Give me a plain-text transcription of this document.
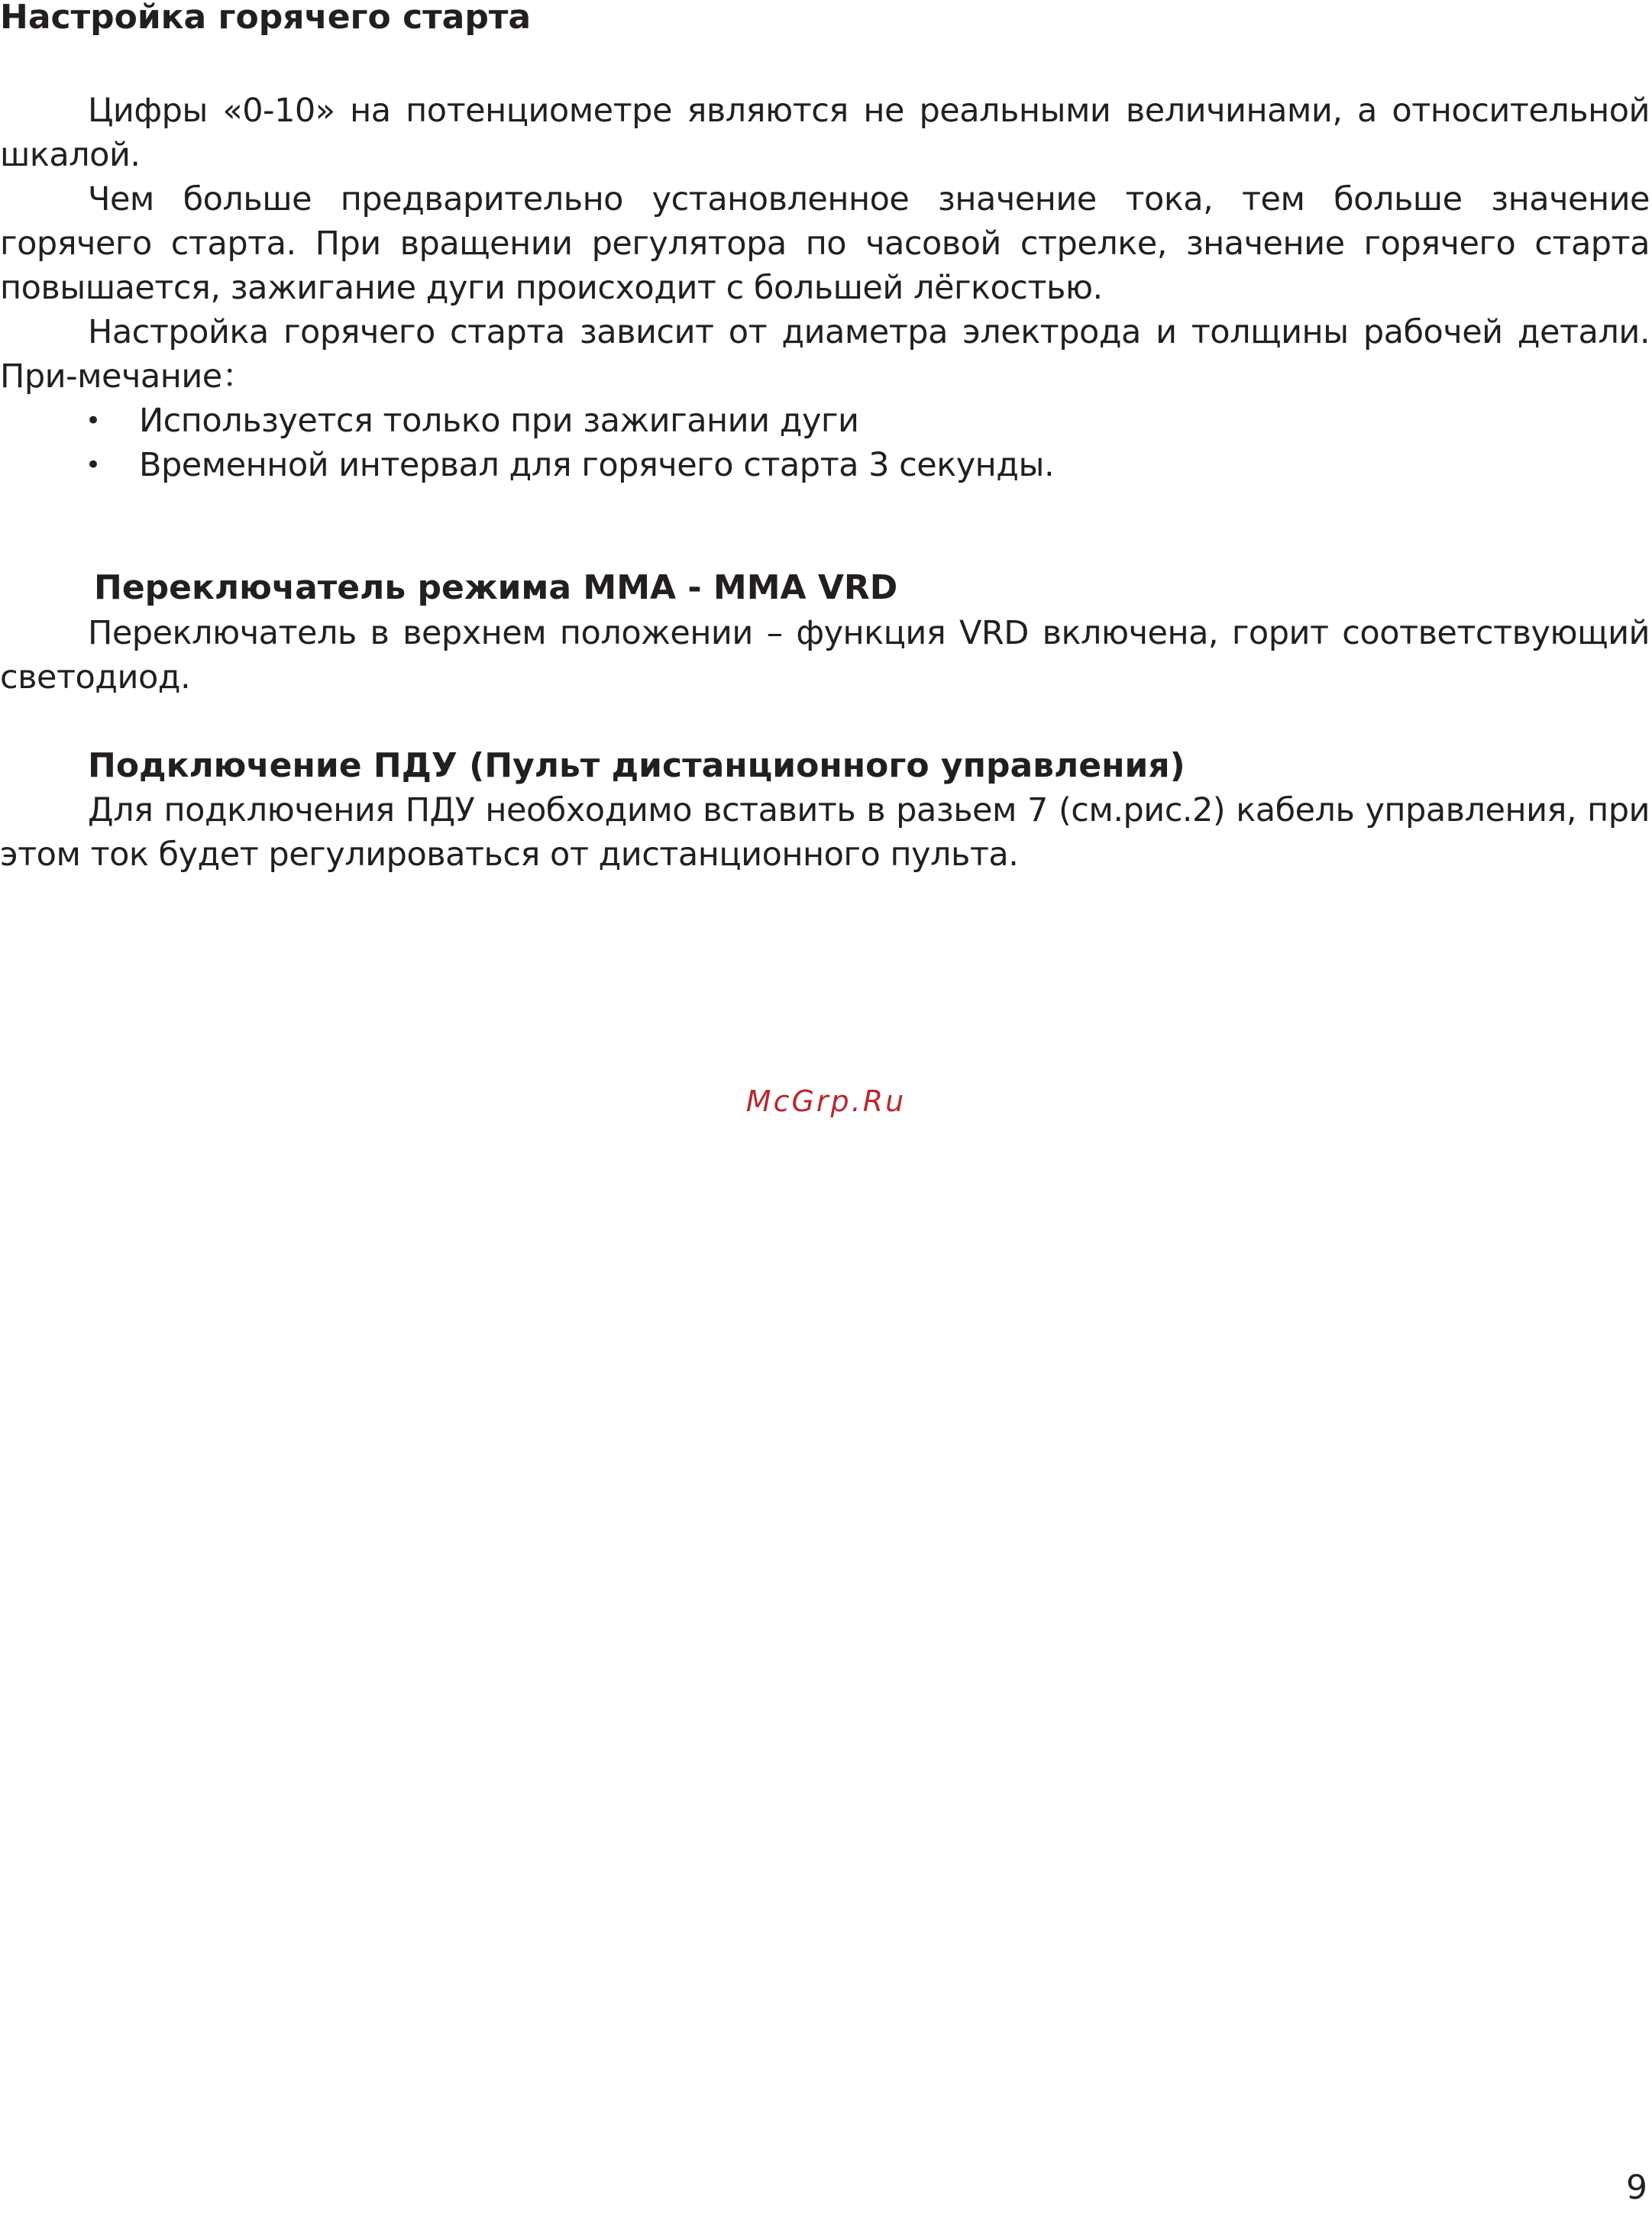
Настройка горячего старта

Цифры «0-10» на потенциометре являются не реальными величинами, а относительной шкалой.

Чем больше предварительно установленное значение тока, тем больше значение горячего старта. При вращении регулятора по часовой стрелке, значение горячего старта повышается, зажигание дуги происходит с большей лёгкостью.

Настройка горячего старта зависит от диаметра электрода и толщины рабочей детали. При-мечание：

• Используется только при зажигании дуги
• Временной интервал для горячего старта 3 секунды.
Переключатель режима MMA - MMA VRD

Переключатель в верхнем положении – функция VRD включена, горит соответствующий светодиод.

Подключение ПДУ (Пульт дистанционного управления)

Для подключения ПДУ необходимо вставить в разьем 7 (см.рис.2) кабель управления, при этом ток будет регулироваться от дистанционного пульта.

McGrp.Ru
9
